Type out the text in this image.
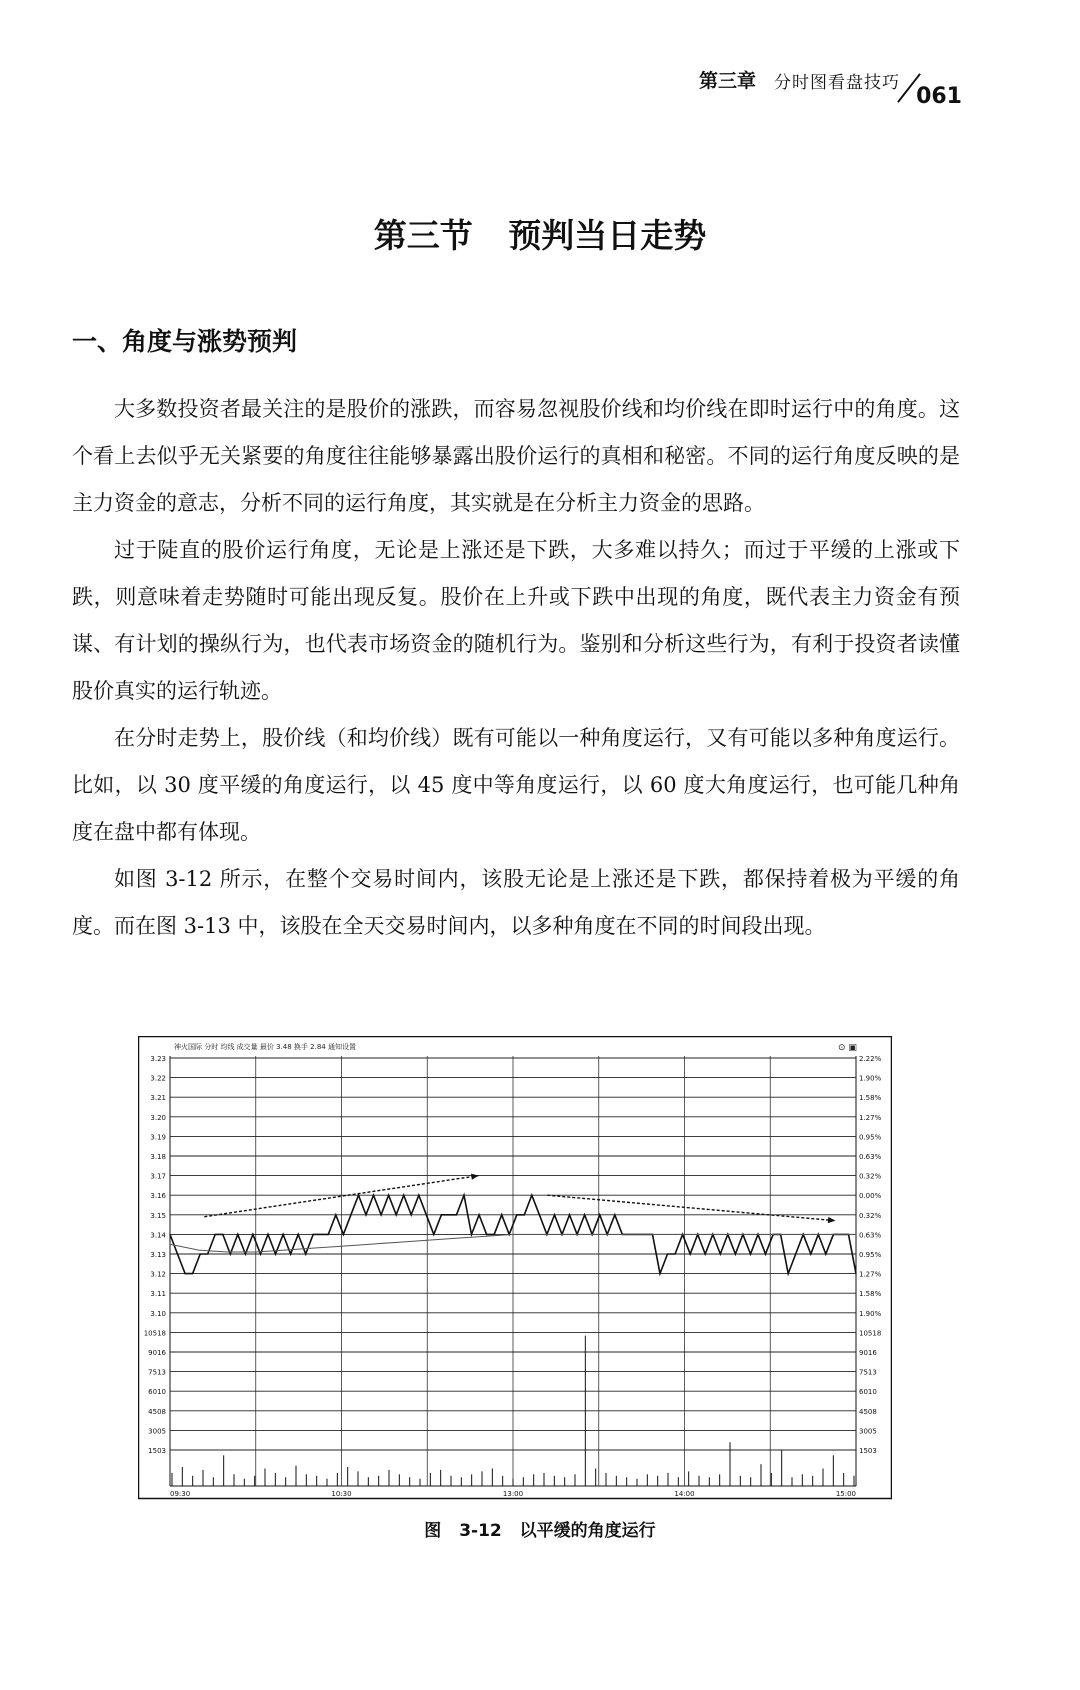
第三章 分时图看盘技巧
061
第三节 预判当日走势
一、角度与涨势预判

大多数投资者最关注的是股价的涨跌，而容易忽视股价线和均价线在即时运行中的角度。这个看上去似乎无关紧要的角度往往能够暴露出股价运行的真相和秘密。不同的运行角度反映的是主力资金的意志，分析不同的运行角度，其实就是在分析主力资金的思路。

过于陡直的股价运行角度，无论是上涨还是下跌，大多难以持久；而过于平缓的上涨或下跌，则意味着走势随时可能出现反复。股价在上升或下跌中出现的角度，既代表主力资金有预谋、有计划的操纵行为，也代表市场资金的随机行为。鉴别和分析这些行为，有利于投资者读懂股价真实的运行轨迹。

在分时走势上，股价线（和均价线）既有可能以一种角度运行，又有可能以多种角度运行。比如，以 30 度平缓的角度运行，以 45 度中等角度运行，以 60 度大角度运行，也可能几种角度在盘中都有体现。

如图 3-12 所示，在整个交易时间内，该股无论是上涨还是下跌，都保持着极为平缓的角度。而在图 3-13 中，该股在全天交易时间内，以多种角度在不同的时间段出现。

神火国际 分时 均线 成交量 最价 3.48 换手 2.84 通知设置	⊙ ▣
3.23	2.22%
3.22	1.90%
3.21	1.58%
3.20	1.27%
3.19	0.95%
3.18	0.63%
3.17	0.32%
3.16	0.00%
3.15	0.32%
3.14	0.63%
3.13	0.95%
3.12	1.27%
3.11	1.58%
3.10	1.90%
10518	10518
9016	9016
7513	7513
6010	6010
4508	4508
3005	3005
1503	1503
09:30	10:30	13:00	14:00	15:00
图 3-12 以平缓的角度运行
